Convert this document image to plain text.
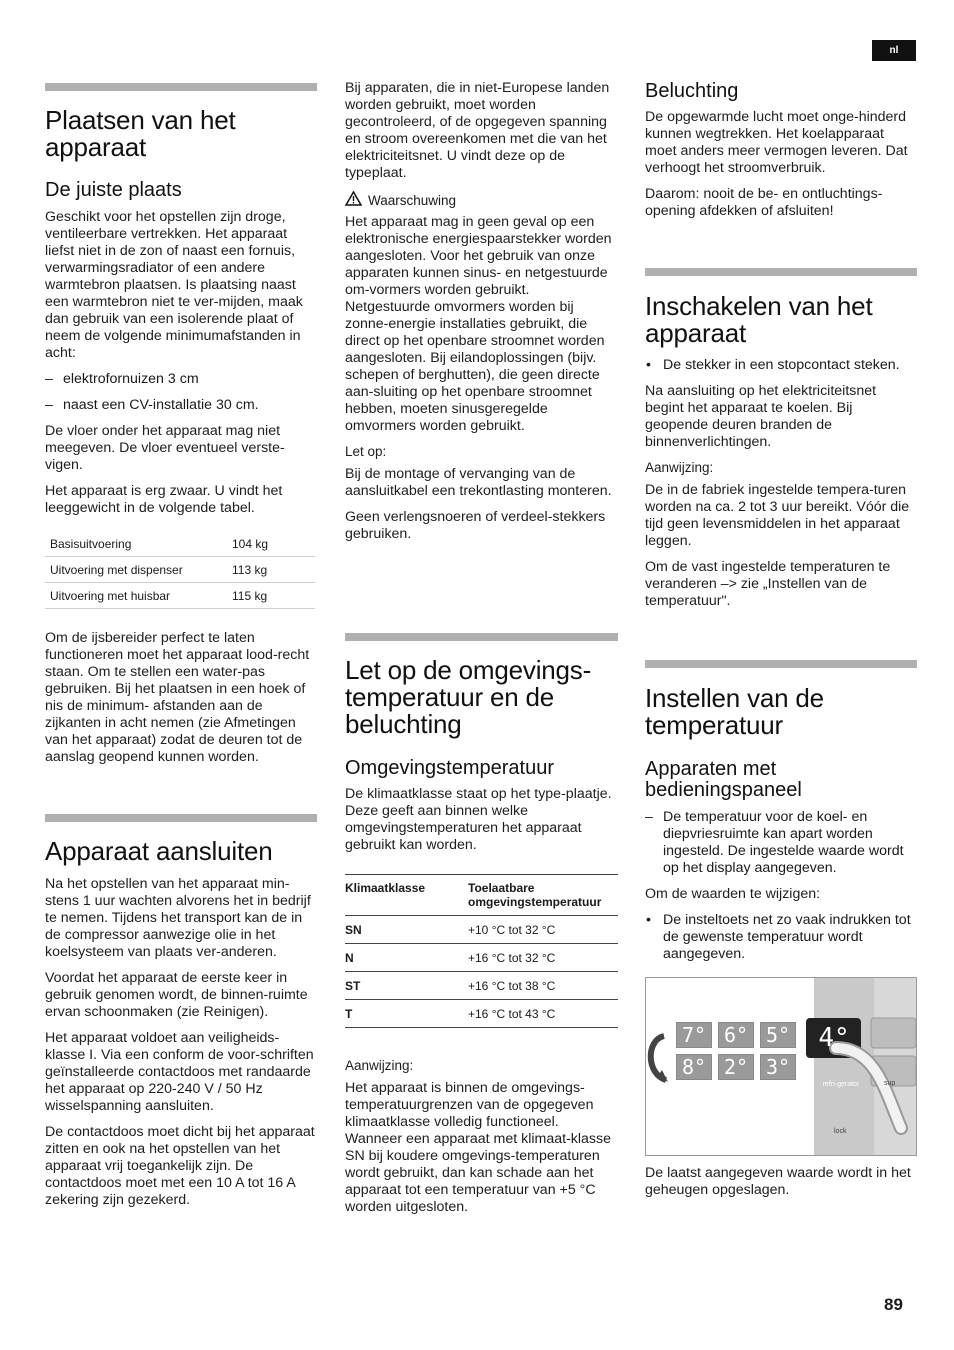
nl
Plaatsen van het apparaat
De juiste plaats

Geschikt voor het opstellen zijn droge, ventileerbare vertrekken. Het apparaat liefst niet in de zon of naast een fornuis, verwarmingsradiator of een andere warmtebron plaatsen. Is plaatsing naast een warmtebron niet te ver-mijden, maak dan gebruik van een isolerende plaat of neem de volgende minimumafstanden in acht:

– elektrofornuizen 3 cm
– naast een CV-installatie 30 cm.

De vloer onder het apparaat mag niet meegeven. De vloer eventueel verste-vigen.

Het apparaat is erg zwaar. U vindt het leeggewicht in de volgende tabel.

Basisuitvoering	104 kg
Uitvoering met dispenser	113 kg
Uitvoering met huisbar	115 kg

Om de ijsbereider perfect te laten functioneren moet het apparaat lood-recht staan. Om te stellen een water-pas gebruiken. Bij het plaatsen in een hoek of nis de minimum- afstanden aan de zijkanten in acht nemen (zie Afmetingen van het apparaat) zodat de deuren tot de aanslag geopend kunnen worden.

Apparaat aansluiten

Na het opstellen van het apparaat min-stens 1 uur wachten alvorens het in bedrijf te nemen. Tijdens het transport kan de in de compressor aanwezige olie in het koelsysteem van plaats ver-anderen.

Voordat het apparaat de eerste keer in gebruik genomen wordt, de binnen-ruimte ervan schoonmaken (zie Reinigen).

Het apparaat voldoet aan veiligheids-klasse I. Via een conform de voor-schriften geïnstalleerde contactdoos met randaarde het apparaat op 220-240 V / 50 Hz wisselspanning aansluiten.

De contactdoos moet dicht bij het apparaat zitten en ook na het opstellen van het apparaat vrij toegankelijk zijn. De contactdoos moet met een 10 A tot 16 A zekering zijn gezekerd.

Bij apparaten, die in niet-Europese landen worden gebruikt, moet worden gecontroleerd, of de opgegeven spanning en stroom overeenkomen met die van het elektriciteitsnet. U vindt deze op de typeplaat.

Waarschuwing

Het apparaat mag in geen geval op een elektronische energiespaarstekker worden aangesloten. Voor het gebruik van onze apparaten kunnen sinus- en netgestuurde om-vormers worden gebruikt. Netgestuurde omvormers worden bij zonne-energie installaties gebruikt, die direct op het openbare stroomnet worden aangesloten. Bij eilandoplossingen (bijv. schepen of berghutten), die geen directe aan-sluiting op het openbare stroomnet hebben, moeten sinusgeregelde omvormers worden gebruikt.

Let op:

Bij de montage of vervanging van de aansluitkabel een trekontlasting monteren.

Geen verlengsnoeren of verdeel-stekkers gebruiken.

Let op de omgevings-temperatuur en de beluchting
Omgevingstemperatuur

De klimaatklasse staat op het type-plaatje. Deze geeft aan binnen welke omgevingstemperaturen het apparaat gebruikt kan worden.

Klimaatklasse	Toelaatbare omgevingstemperatuur
SN	+10 °C tot 32 °C
N	+16 °C tot 32 °C
ST	+16 °C tot 38 °C
T	+16 °C tot 43 °C

Aanwijzing:

Het apparaat is binnen de omgevings-temperatuurgrenzen van de opgegeven klimaatklasse volledig functioneel. Wanneer een apparaat met klimaat-klasse SN bij koudere omgevings-temperaturen wordt gebruikt, dan kan schade aan het apparaat tot een temperatuur van +5 °C worden uitgesloten.

Beluchting

De opgewarmde lucht moet onge-hinderd kunnen wegtrekken. Het koelapparaat moet anders meer vermogen leveren. Dat verhoogt het stroomverbruik.

Daarom: nooit de be- en ontluchtings-opening afdekken of afsluiten!

Inschakelen van het apparaat
• De stekker in een stopcontact steken.

Na aansluiting op het elektriciteitsnet begint het apparaat te koelen. Bij geopende deuren branden de binnenverlichtingen.

Aanwijzing:

De in de fabriek ingestelde tempera-turen worden na ca. 2 tot 3 uur bereikt. Vóór die tijd geen levensmiddelen in het apparaat leggen.

Om de vast ingestelde temperaturen te veranderen –> zie „Instellen van de temperatuur".

Instellen van de temperatuur
Apparaten met bedieningspaneel
– De temperatuur voor de koel- en diepvriesruimte kan apart worden ingesteld. De ingestelde waarde wordt op het display aangegeven.

Om de waarden te wijzigen:

• De insteltoets net zo vaak indrukken tot de gewenste temperatuur wordt aangegeven.

De laatst aangegeven waarde wordt in het geheugen opgeslagen.

7° 6° 5°
8° 2° 3°
4°
refri-gerator	sup
lock
89
